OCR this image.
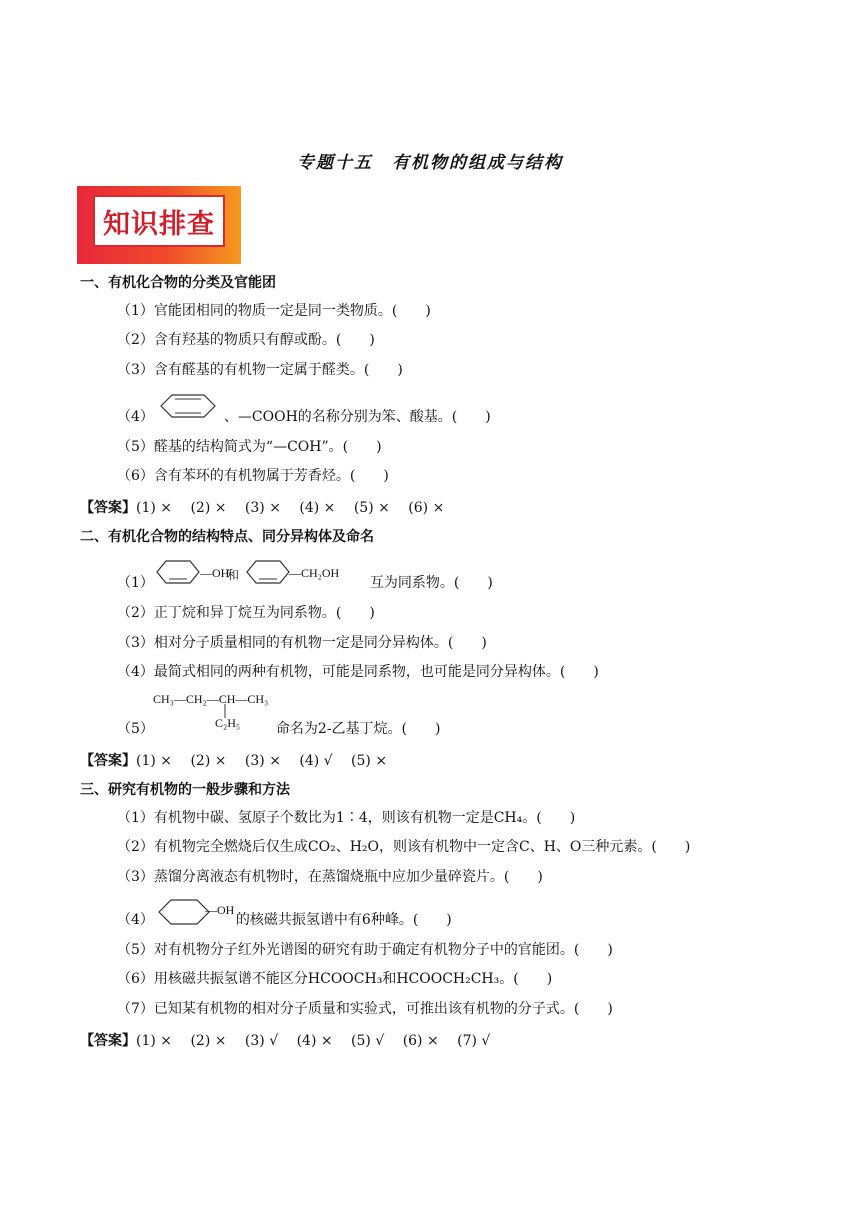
专题十五　有机物的组成与结构
知识排查
一、有机化合物的分类及官能团
（1）官能团相同的物质一定是同一类物质。(　　)
（2）含有羟基的物质只有醇或酚。(　　)
（3）含有醛基的有机物一定属于醛类。(　　)
（4）	、—COOH的名称分别为笨、酸基。(　　)
（5）醛基的结构简式为“—COH”。(　　)
（6）含有苯环的有机物属于芳香烃。(　　)
【答案】(1) ×　 (2) ×　 (3) ×　 (4) ×　 (5) ×　 (6) ×
二、有机化合物的结构特点、同分异构体及命名
（1）	互为同系物。(　　)
—OH
和	—CH₂OH
（2）正丁烷和异丁烷互为同系物。(　　)
（3）相对分子质量相同的有机物一定是同分异构体。(　　)
（4）最简式相同的两种有机物，可能是同系物，也可能是同分异构体。(　　)
CH₃—CH₂—CH—CH₃
C₂H₅
（5）	命名为2-乙基丁烷。(　　)
【答案】(1) ×　 (2) ×　 (3) ×　 (4) √　 (5) ×
三、研究有机物的一般步骤和方法
（1）有机物中碳、氢原子个数比为1∶4，则该有机物一定是CH₄。(　　)
（2）有机物完全燃烧后仅生成CO₂、H₂O，则该有机物中一定含C、H、O三种元素。(　　)
（3）蒸馏分离液态有机物时，在蒸馏烧瓶中应加少量碎瓷片。(　　)
—OH
（4）	的核磁共振氢谱中有6种峰。(　　)
（5）对有机物分子红外光谱图的研究有助于确定有机物分子中的官能团。(　　)
（6）用核磁共振氢谱不能区分HCOOCH₃和HCOOCH₂CH₃。(　　)
（7）已知某有机物的相对分子质量和实验式，可推出该有机物的分子式。(　　)
【答案】(1) ×　 (2) ×　 (3) √　 (4) ×　 (5) √　 (6) ×　 (7) √
